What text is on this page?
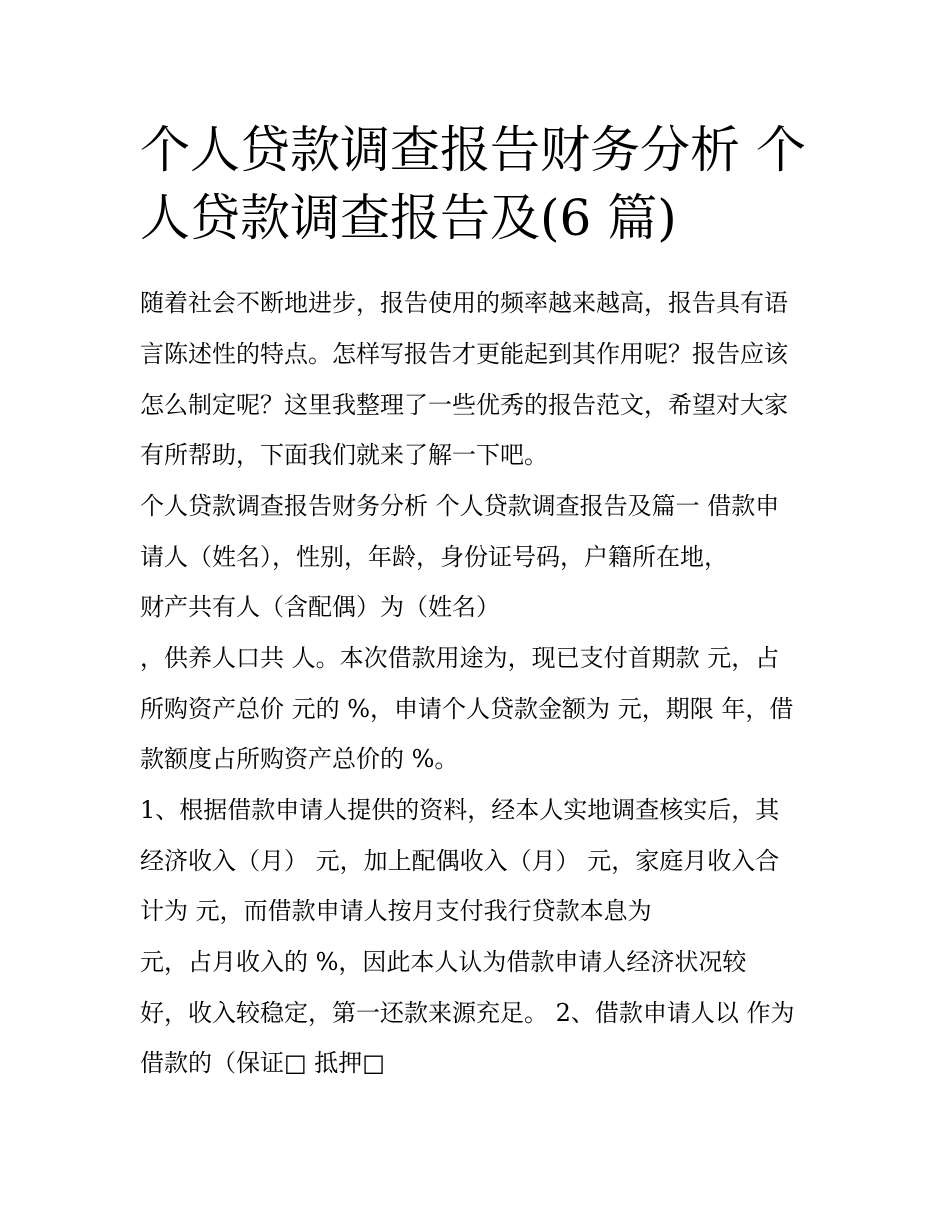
个人贷款调查报告财务分析 个人贷款调查报告及(6 篇)

随着社会不断地进步，报告使用的频率越来越高，报告具有语

言陈述性的特点。怎样写报告才更能起到其作用呢？报告应该

怎么制定呢？这里我整理了一些优秀的报告范文，希望对大家

有所帮助，下面我们就来了解一下吧。

个人贷款调查报告财务分析 个人贷款调查报告及篇一 借款申

请人（姓名），性别，年龄，身份证号码，户籍所在地，

财产共有人（含配偶）为（姓名）

，供养人口共 人。本次借款用途为，现已支付首期款 元，占

所购资产总价 元的 %，申请个人贷款金额为 元，期限 年，借

款额度占所购资产总价的 %。

1、根据借款申请人提供的资料，经本人实地调查核实后，其

经济收入（月） 元，加上配偶收入（月） 元，家庭月收入合

计为 元，而借款申请人按月支付我行贷款本息为

元，占月收入的 %，因此本人认为借款申请人经济状况较

好，收入较稳定，第一还款来源充足。 2、借款申请人以 作为

借款的（保证□ 抵押□
